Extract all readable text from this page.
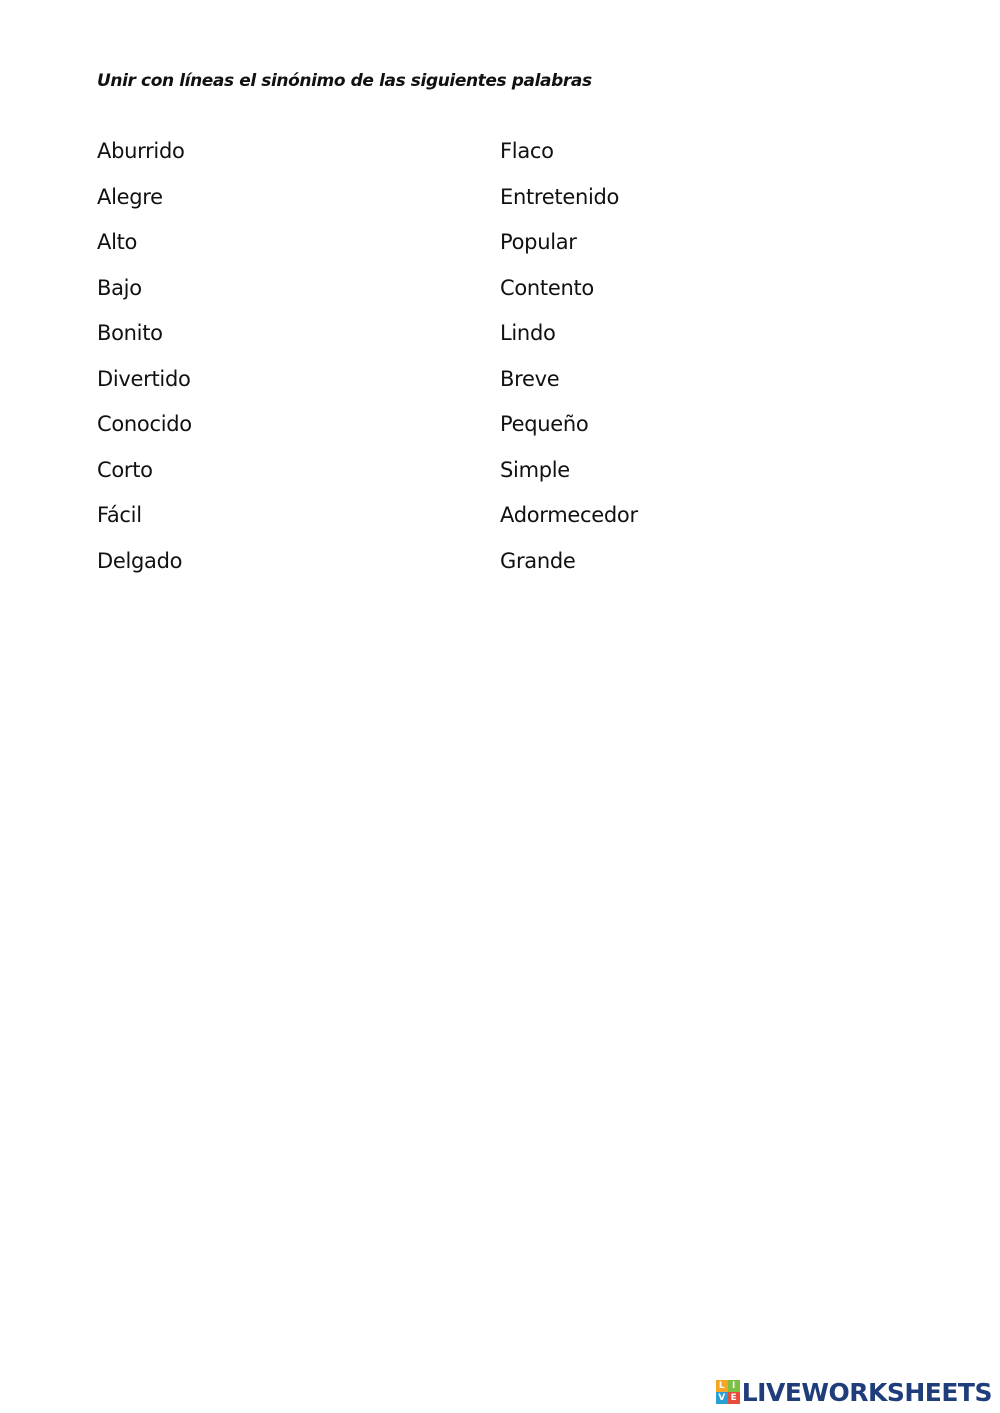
Unir con líneas el sinónimo de las siguientes palabras
Aburrido
Alegre
Alto
Bajo
Bonito
Divertido
Conocido
Corto
Fácil
Delgado
Flaco
Entretenido
Popular
Contento
Lindo
Breve
Pequeño
Simple
Adormecedor
Grande
L I
V E LIVEWORKSHEETS
